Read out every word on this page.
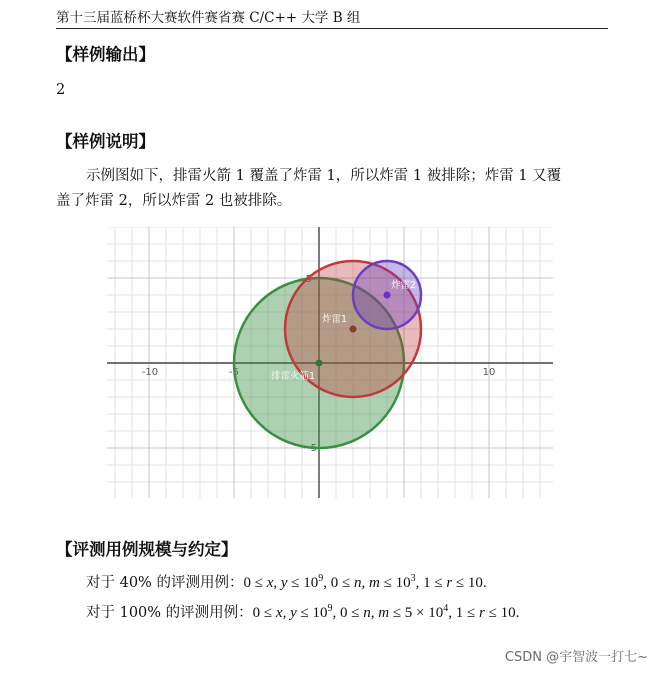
第十三届蓝桥杯大赛软件赛省赛 C/C++ 大学 B 组
【样例输出】
2
【样例说明】
示例图如下，排雷火箭 1 覆盖了炸雷 1，所以炸雷 1 被排除；炸雷 1 又覆
盖了炸雷 2，所以炸雷 2 也被排除。
-10	-5	10
5
-5
排雷火箭1
炸雷1
炸雷2
【评测用例规模与约定】
对于 40% 的评测用例：0 ≤ x, $y \le 10^9$, 0 ≤ n, $m \le 10^3$, 1 ≤ r ≤ 10.
对于 100% 的评测用例：0 ≤ x, $y \le 10^9$, 0 ≤ n, $m \le 5 \times 10^4$, 1 ≤ r ≤ 10.
CSDN @宇智波一打七~
